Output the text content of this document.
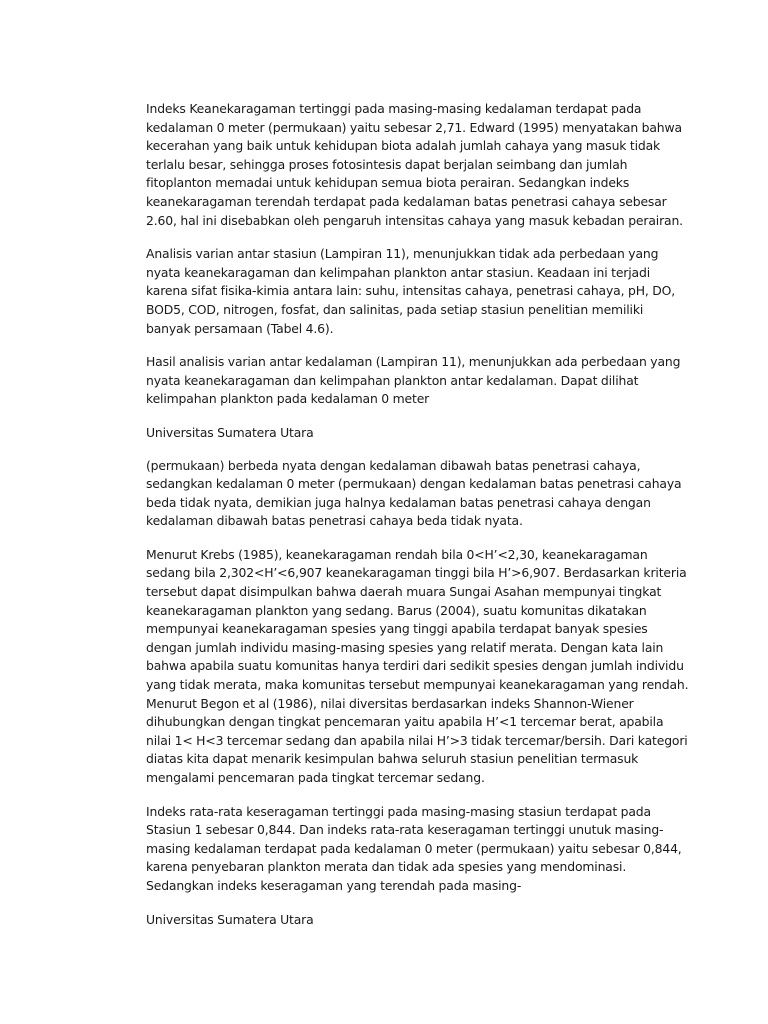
Indeks Keanekaragaman tertinggi pada masing-masing kedalaman terdapat pada
kedalaman 0 meter (permukaan) yaitu sebesar 2,71. Edward (1995) menyatakan bahwa
kecerahan yang baik untuk kehidupan biota adalah jumlah cahaya yang masuk tidak
terlalu besar, sehingga proses fotosintesis dapat berjalan seimbang dan jumlah
fitoplanton memadai untuk kehidupan semua biota perairan. Sedangkan indeks
keanekaragaman terendah terdapat pada kedalaman batas penetrasi cahaya sebesar
2.60, hal ini disebabkan oleh pengaruh intensitas cahaya yang masuk kebadan perairan.

Analisis varian antar stasiun (Lampiran 11), menunjukkan tidak ada perbedaan yang
nyata keanekaragaman dan kelimpahan plankton antar stasiun. Keadaan ini terjadi
karena sifat fisika-kimia antara lain: suhu, intensitas cahaya, penetrasi cahaya, pH, DO,
BOD5, COD, nitrogen, fosfat, dan salinitas, pada setiap stasiun penelitian memiliki
banyak persamaan (Tabel 4.6).

Hasil analisis varian antar kedalaman (Lampiran 11), menunjukkan ada perbedaan yang
nyata keanekaragaman dan kelimpahan plankton antar kedalaman. Dapat dilihat
kelimpahan plankton pada kedalaman 0 meter

Universitas Sumatera Utara

(permukaan) berbeda nyata dengan kedalaman dibawah batas penetrasi cahaya,
sedangkan kedalaman 0 meter (permukaan) dengan kedalaman batas penetrasi cahaya
beda tidak nyata, demikian juga halnya kedalaman batas penetrasi cahaya dengan
kedalaman dibawah batas penetrasi cahaya beda tidak nyata.

Menurut Krebs (1985), keanekaragaman rendah bila 0<H’<2,30, keanekaragaman
sedang bila 2,302<H’<6,907 keanekaragaman tinggi bila H’>6,907. Berdasarkan kriteria
tersebut dapat disimpulkan bahwa daerah muara Sungai Asahan mempunyai tingkat
keanekaragaman plankton yang sedang. Barus (2004), suatu komunitas dikatakan
mempunyai keanekaragaman spesies yang tinggi apabila terdapat banyak spesies
dengan jumlah individu masing-masing spesies yang relatif merata. Dengan kata lain
bahwa apabila suatu komunitas hanya terdiri dari sedikit spesies dengan jumlah individu
yang tidak merata, maka komunitas tersebut mempunyai keanekaragaman yang rendah.
Menurut Begon et al (1986), nilai diversitas berdasarkan indeks Shannon-Wiener
dihubungkan dengan tingkat pencemaran yaitu apabila H’<1 tercemar berat, apabila
nilai 1< H<3 tercemar sedang dan apabila nilai H’>3 tidak tercemar/bersih. Dari kategori
diatas kita dapat menarik kesimpulan bahwa seluruh stasiun penelitian termasuk
mengalami pencemaran pada tingkat tercemar sedang.

Indeks rata-rata keseragaman tertinggi pada masing-masing stasiun terdapat pada
Stasiun 1 sebesar 0,844. Dan indeks rata-rata keseragaman tertinggi unutuk masing-
masing kedalaman terdapat pada kedalaman 0 meter (permukaan) yaitu sebesar 0,844,
karena penyebaran plankton merata dan tidak ada spesies yang mendominasi.
Sedangkan indeks keseragaman yang terendah pada masing-

Universitas Sumatera Utara
